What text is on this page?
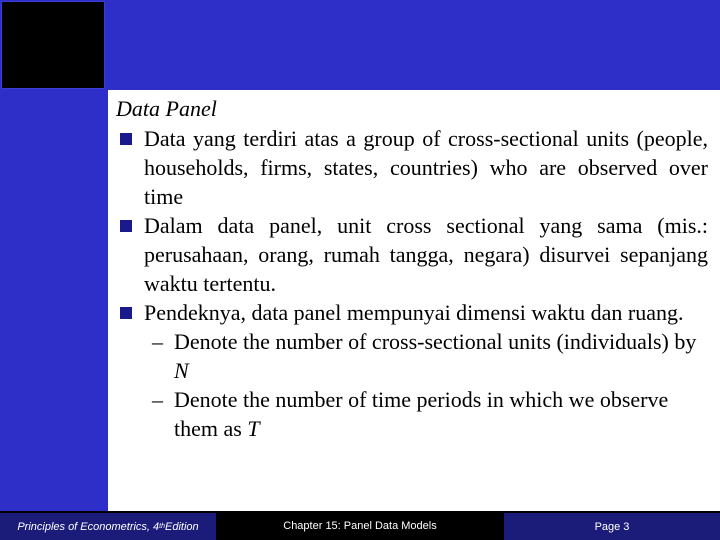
Data Panel
Data yang terdiri atas a group of cross-sectional units (people, households, firms, states, countries) who are observed over time
Dalam data panel, unit cross sectional yang sama (mis.: perusahaan, orang, rumah tangga, negara) disurvei sepanjang waktu tertentu.
Pendeknya, data panel mempunyai dimensi waktu dan ruang.
– Denote the number of cross-sectional units (individuals) by N
– Denote the number of time periods in which we observe them as T
Principles of Econometrics, 4 th Edition	Chapter 15: Panel Data Models	Page 3
